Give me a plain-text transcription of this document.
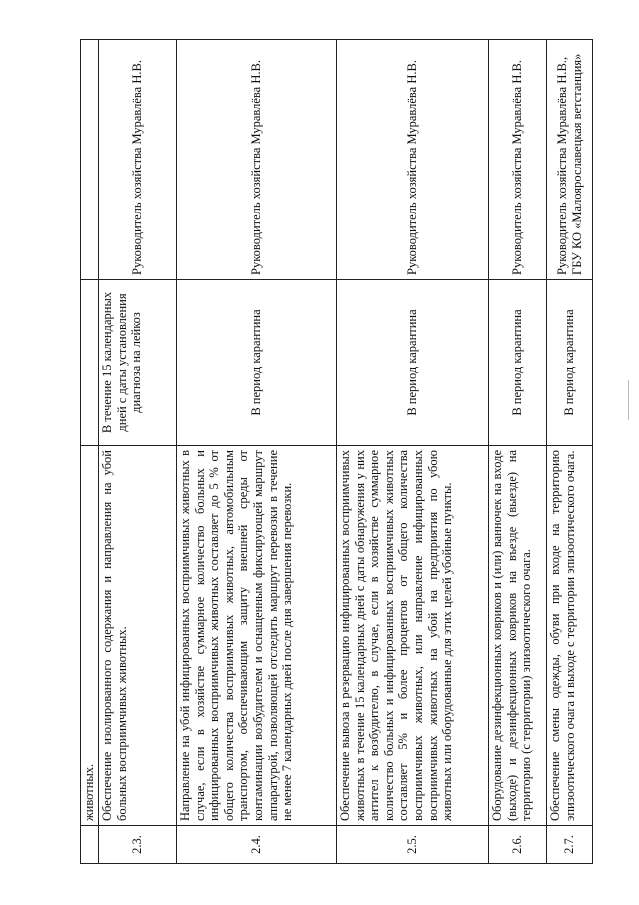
	животных.		
2.3.	Обеспечение изолированного содержания и направления на убой больных восприимчивых животных.	В течение 15 календарных дней с даты установления диагноза на лейкоз	Руководитель хозяйства Муравлёва Н.В.
2.4.	Направление на убой инфицированных восприимчивых животных в случае, если в хозяйстве суммарное количество больных и инфицированных восприимчивых животных составляет до 5 % от общего количества восприимчивых животных, автомобильным транспортом, обеспечивающим защиту внешней среды от контаминации возбудителем и оснащенным фиксирующей маршрут аппаратурой, позволяющей отследить маршрут перевозки в течение не менее 7 календарных дней после дня завершения перевозки.	В период карантина	Руководитель хозяйства Муравлёва Н.В.
2.5.	Обеспечение вывоза в резервацию инфицированных восприимчивых животных в течение 15 календарных дней с даты обнаружения у них антител к возбудителю, в случае, если в хозяйстве суммарное количество больных и инфицированных восприимчивых животных составляет 5% и более процентов от общего количества восприимчивых животных, или направление инфицированных восприимчивых животных на убой на предприятия по убою животных или оборудованные для этих целей убойные пункты.	В период карантина	Руководитель хозяйства Муравлёва Н.В.
2.6.	Оборудование дезинфекционных ковриков и (или) ванночек на входе (выходе) и дезинфекционных ковриков на въезде (выезде) на территорию (с территории) эпизоотического очага.	В период карантина	Руководитель хозяйства Муравлёва Н.В.
2.7.	Обеспечение смены одежды, обуви при входе на территорию эпизоотического очага и выходе с территории эпизоотического очага.	В период карантина	Руководитель хозяйства Муравлёва Н.В., ГБУ КО «Малоярославецкая ветстанция»
